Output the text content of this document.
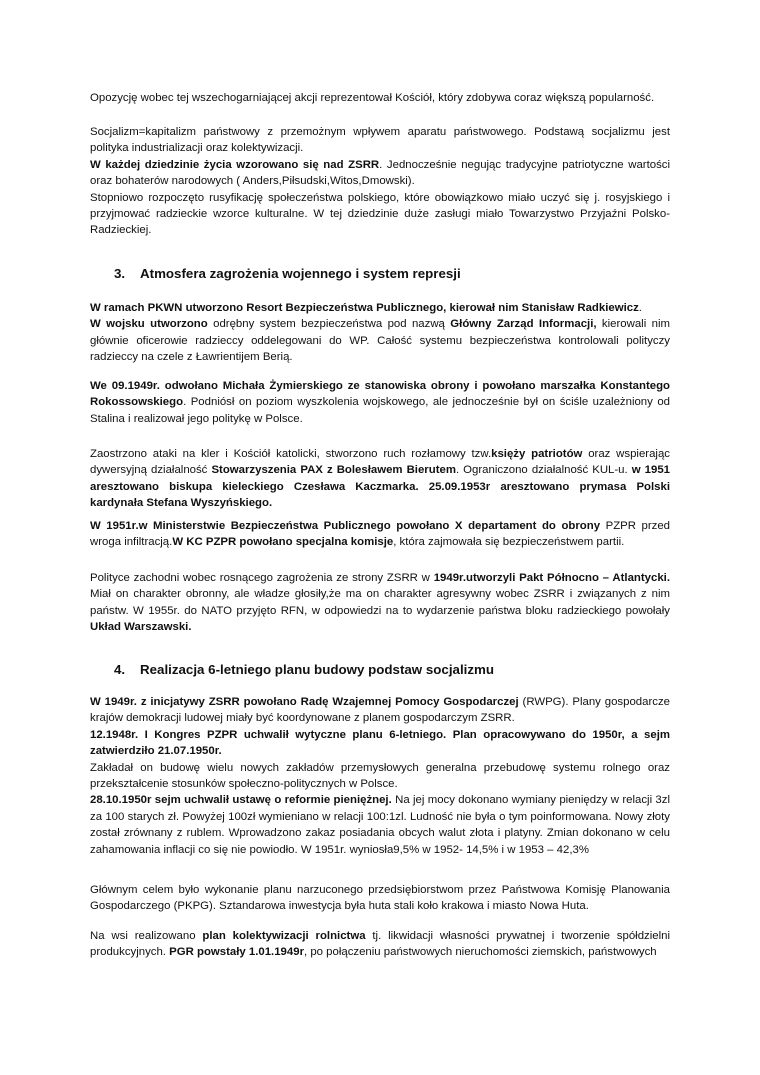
Opozycję wobec tej wszechogarniającej akcji reprezentował Kościół, który zdobywa coraz większą popularność.

Socjalizm=kapitalizm państwowy z przemożnym wpływem aparatu państwowego. Podstawą socjalizmu jest polityka industrializacji oraz kolektywizacji.
W każdej dziedzinie życia wzorowano się nad ZSRR. Jednocześnie negując tradycyjne patriotyczne wartości oraz bohaterów narodowych ( Anders,Piłsudski,Witos,Dmowski).
Stopniowo rozpoczęto rusyfikację społeczeństwa polskiego, które obowiązkowo miało uczyć się j. rosyjskiego i przyjmować radzieckie wzorce kulturalne. W tej dziedzinie duże zasługi miało Towarzystwo Przyjaźni Polsko-Radzieckiej.

3. Atmosfera zagrożenia wojennego i system represji

W ramach PKWN utworzono Resort Bezpieczeństwa Publicznego, kierował nim Stanisław Radkiewicz.
W wojsku utworzono odrębny system bezpieczeństwa pod nazwą Główny Zarząd Informacji, kierowali nim głównie oficerowie radzieccy oddelegowani do WP. Całość systemu bezpieczeństwa kontrolowali polityczy radzieccy na czele z Ławrientijem Berią.

We 09.1949r. odwołano Michała Żymierskiego ze stanowiska obrony i powołano marszałka Konstantego Rokossowskiego. Podniósł on poziom wyszkolenia wojskowego, ale jednocześnie był on ściśle uzależniony od Stalina i realizował jego politykę w Polsce.

Zaostrzono ataki na kler i Kościół katolicki, stworzono ruch rozłamowy tzw.księży patriotów oraz wspierając dywersyjną działalność Stowarzyszenia PAX z Bolesławem Bierutem. Ograniczono działalność KUL-u. w 1951 aresztowano biskupa kieleckiego Czesława Kaczmarka. 25.09.1953r aresztowano prymasa Polski kardynała Stefana Wyszyńskiego.

W 1951r.w Ministerstwie Bezpieczeństwa Publicznego powołano X departament do obrony PZPR przed wroga infiltracją.W KC PZPR powołano specjalna komisje, która zajmowała się bezpieczeństwem partii.

Polityce zachodni wobec rosnącego zagrożenia ze strony ZSRR w 1949r.utworzyli Pakt Północno – Atlantycki. Miał on charakter obronny, ale władze głosiły,że ma on charakter agresywny wobec ZSRR i związanych z nim państw. W 1955r. do NATO przyjęto RFN, w odpowiedzi na to wydarzenie państwa bloku radzieckiego powołały Układ Warszawski.

4. Realizacja 6-letniego planu budowy podstaw socjalizmu

W 1949r. z inicjatywy ZSRR powołano Radę Wzajemnej Pomocy Gospodarczej (RWPG). Plany gospodarcze krajów demokracji ludowej miały być koordynowane z planem gospodarczym ZSRR.
12.1948r. I Kongres PZPR uchwalił wytyczne planu 6-letniego. Plan opracowywano do 1950r, a sejm zatwierdziło 21.07.1950r.
Zakładał on budowę wielu nowych zakładów przemysłowych generalna przebudowę systemu rolnego oraz przekształcenie stosunków społeczno-politycznych w Polsce.
28.10.1950r sejm uchwalił ustawę o reformie pieniężnej. Na jej mocy dokonano wymiany pieniędzy w relacji 3zl za 100 starych zł. Powyżej 100zł wymieniano w relacji 100:1zl. Ludność nie była o tym poinformowana. Nowy złoty został zrównany z rublem. Wprowadzono zakaz posiadania obcych walut złota i platyny. Zmian dokonano w celu zahamowania inflacji co się nie powiodło. W 1951r. wyniosła9,5% w 1952- 14,5% i w 1953 – 42,3%

Głównym celem było wykonanie planu narzuconego przedsiębiorstwom przez Państwowa Komisję Planowania Gospodarczego (PKPG). Sztandarowa inwestycja była huta stali koło krakowa i miasto Nowa Huta.

Na wsi realizowano plan kolektywizacji rolnictwa tj. likwidacji własności prywatnej i tworzenie spółdzielni produkcyjnych. PGR powstały 1.01.1949r, po połączeniu państwowych nieruchomości ziemskich, państwowych
